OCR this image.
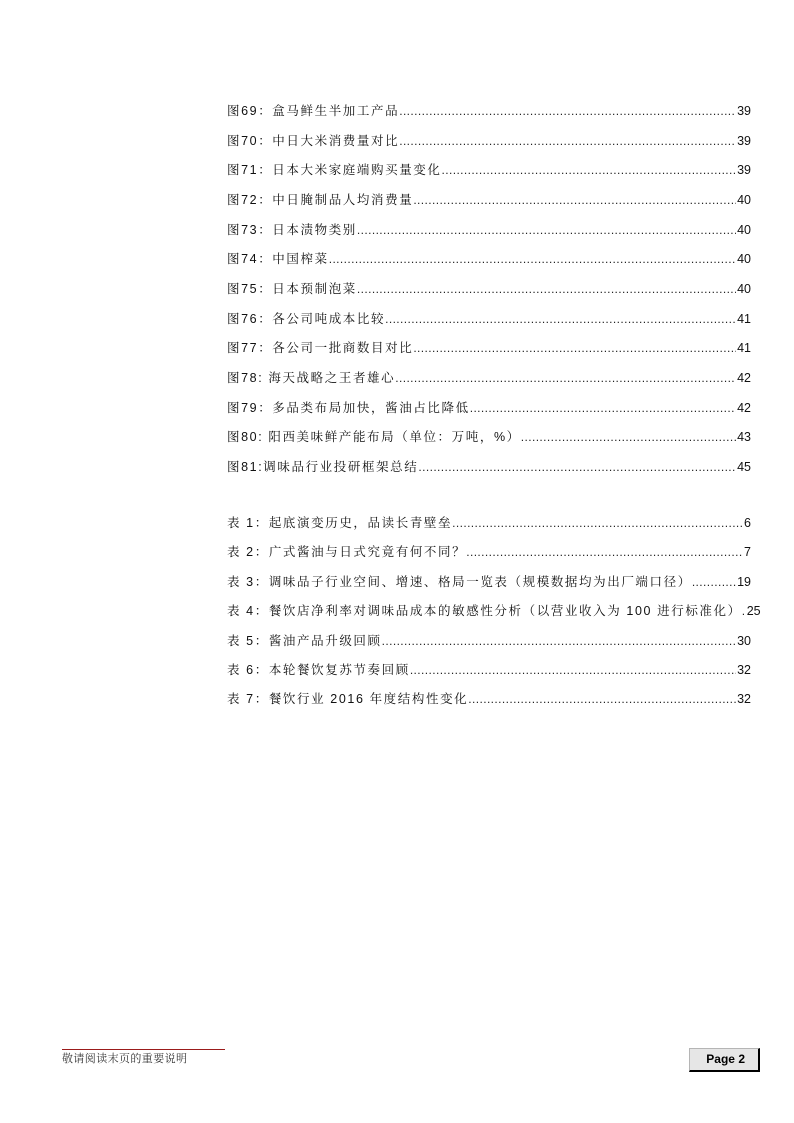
图69：盒马鲜生半加工产品 .....	39
图70：中日大米消费量对比 .....	39
图71：日本大米家庭端购买量变化 .....	39
图72：中日腌制品人均消费量 .....	40
图73：日本渍物类别 .....	40
图74：中国榨菜 .....	40
图75：日本预制泡菜 .....	40
图76：各公司吨成本比较 .....	41
图77：各公司一批商数目对比 .....	41
图78: 海天战略之王者雄心 .....	42
图79：多品类布局加快，酱油占比降低 .....	42
图80: 阳西美味鲜产能布局（单位：万吨，%） .....	43
图81:调味品行业投研框架总结 .....	45
表 1：起底演变历史，品读长青壁垒 .....	6
表 2：广式酱油与日式究竟有何不同？ .....	7
表 3：调味品子行业空间、增速、格局一览表（规模数据均为出厂端口径） .....	19
表 4：餐饮店净利率对调味品成本的敏感性分析（以营业收入为 100 进行标准化） ..... 25
表 5：酱油产品升级回顾 .....	30
表 6：本轮餐饮复苏节奏回顾 .....	32
表 7：餐饮行业 2016 年度结构性变化 .....	32
敬请阅读末页的重要说明	Page 2
